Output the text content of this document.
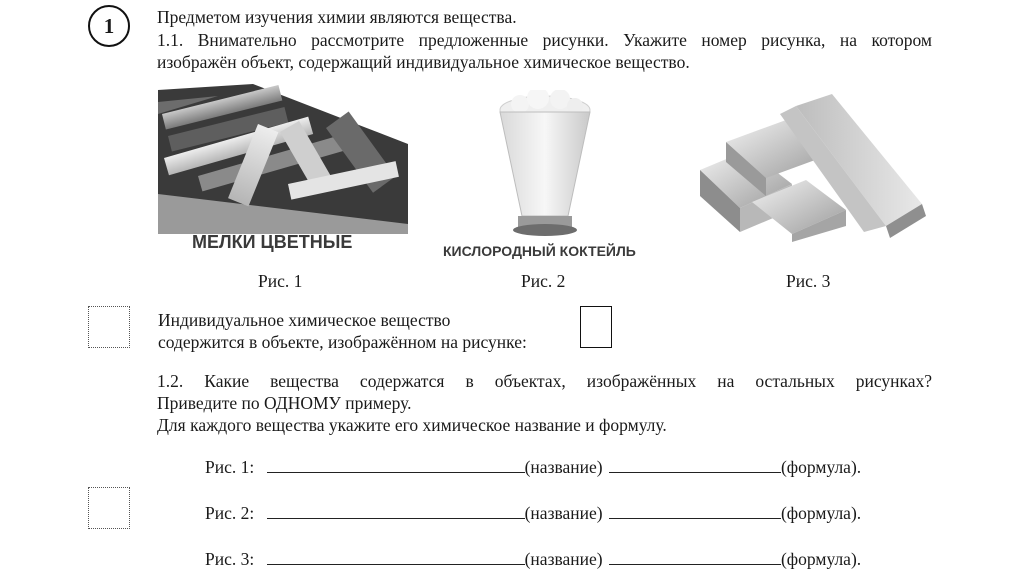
1 Предметом изучения химии являются вещества.
1.1. Внимательно рассмотрите предложенные рисунки. Укажите номер рисунка, на котором
изображён объект, содержащий индивидуальное химическое вещество.
МЕЛКИ ЦВЕТНЫЕ
Рис. 1
КИСЛОРОДНЫЙ КОКТЕЙЛЬ
Рис. 2	Рис. 3
Индивидуальное химическое вещество
содержится в объекте, изображённом на рисунке:
1.2. Какие вещества содержатся в объектах, изображённых на остальных рисунках?
Приведите по ОДНОМУ примеру.
Для каждого вещества укажите его химическое название и формулу.
Рис. 1:	(название)	(формула).
Рис. 2:	(название)	(формула).
Рис. 3:	(название)	(формула).
